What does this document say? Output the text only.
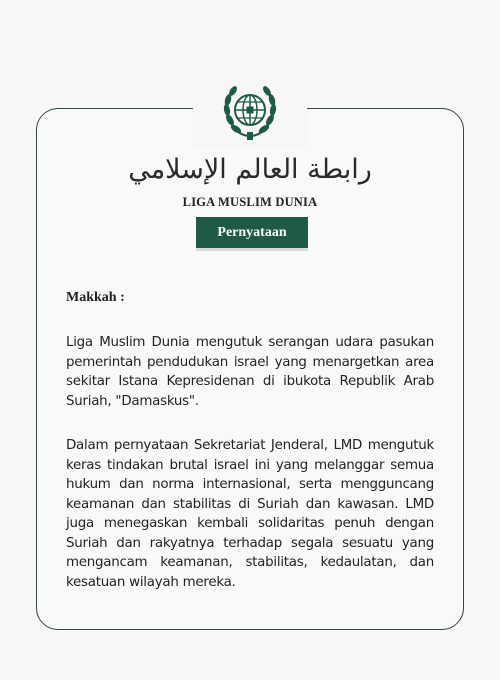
رابطة العالم الإسلامي
LIGA MUSLIM DUNIA
Pernyataan
Makkah :

Liga Muslim Dunia mengutuk serangan udara pasukan pemerintah pendudukan israel yang menargetkan area sekitar Istana Kepresidenan di ibukota Republik Arab Suriah, "Damaskus".

Dalam pernyataan Sekretariat Jenderal, LMD mengutuk keras tindakan brutal israel ini yang melanggar semua hukum dan norma internasional, serta mengguncang keamanan dan stabilitas di Suriah dan kawasan. LMD juga menegaskan kembali solidaritas penuh dengan Suriah dan rakyatnya terhadap segala sesuatu yang mengancam keamanan, stabilitas, kedaulatan, dan kesatuan wilayah mereka.
